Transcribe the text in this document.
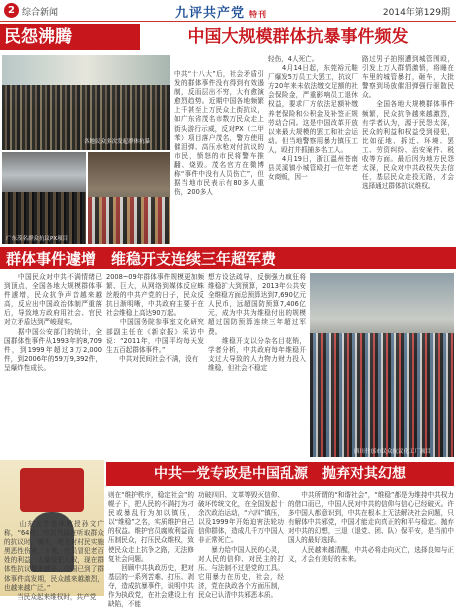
2 综合新闻	九评共产党 特刊	2014年第129期
民怨沸腾	中国大规模群体抗暴事件频发
各地民众多次发起群体抗暴
广东茂名群众抗议PX项目
中共“十八大”后，社会矛盾引发的群体事件没有得到有效遏制，反而层出不穷，大有愈演愈烈趋势。近期中国各地频繁上千甚至上万民众上街抗议，如广东省茂名市数万民众走上街头游行示威，反对PX（二甲苯）项目落户茂名，警方使用催泪弹、高压水枪对付抗议的市民，愤怒的市民将警车推翻、烧毁。茂名官方在微博称“事件中没有人员伤亡”，但据当地市民表示有80多人重伤，200多人
轻伤，4人死亡。
　　4月14日起，东莞裕元鞋厂爆发5万员工大罢工，抗议厂方20年来未依法缴交足额的社会保险金，严重影响员工退休权益，要求厂方依法足额补缴养老保险和公积金及补签正规劳动合同。这是中国改革开放以来最大规模的罢工和社会运动。但当地警察用暴力镇压工人，殴打并抓捕多名工人。
　　4月19日，浙江温州苍南县灵溪镇小城管殴打一位年老女商贩，因一
路过男子拍照遭到城管围殴，引发上万人群情激愤，将睡在车里的城管暴打，砸车，大批警察到场放催泪弹强行驱散民众。
　　全国各地大规模群体事件频繁，民众抗争越来越激烈，有学者认为，源于民怨太深，民众的利益和权益受到侵犯，比如征地、拆迁、环境、罢工、劳资纠纷、治安案件、税收等方面。最后因为地方民怨太深，民众对中共政权失去信任，基层民众走投无路，才会选择通过群体抗议维权。
群体事件遽增　维稳开支连续三年超军费
　　中国民众对中共不满情绪已到顶点，全国各地大规模群体事件遽增，民众抗争声音越来越高，反应出中国政治体制严重落后，导致地方政府用社会、官民对立矛盾达到严峻现实。
　　据中国公安部门的统计，全国群体性事件从1993年的8,709件，到1999年超过3万2,000件，到2006年的59万9,392件，呈爆炸性成长。
2008~09年群体事件规模更加频繁、巨大，从网络到媒体反应蛛丝般的中共产党的日子，民众反抗日渐明晰，中共政府主要于在社会维稳上高达90万起。
　　中国国务院参事室文化研究部副主任在《新京报》采访中说：“2011年，中国平均每天发生五百起群体事件。”
　　中共对民间社会不满，没有
想方设法疏导，反倒强力疯狂将维稳扩大到预算，2013年公共安全维稳方面总预算达到7,690亿元人民币，远超国防预算7,406亿元，成为中共为维稳付出的规模超过国防预算连续三年超过军费。
　　维稳开支以分杂名目花销，学者分析，中共政府每年维稳开支过大导致的人力物力财力投入维稳，但社会不稳定
四川什邡市民众抗议化工厂项目
中共一党专政是中国乱源　抛弃对其幻想
　　山东大学退休教授孙文广称，“64年，中共当局在听取群众的抗议时，镇压，地方对村民实施黑恶性伤害，下来，官员冒犯老百姓的利益，大量侵犯人权，现在群体性抗议越来越多。中国已到了群体事件高发期，民众越来越激烈，也越来越广泛。”
　　当民众起来维权时，共产党
则在“维护秩序，稳定社会”的幌子下，把人民的不满打为刁民或暴乱行为加以镇压，以“维稳”之名，实质维护自己的权益。维护官员腐败利益而压制民众，打压民众维权，致使民众走上抗争之路，无法修复社会问题。
　　回顾中共执政历史，把对基层的一系列苦难、打压、剥夺，造成抗暴事件，说明中共作为执政党，在社会建设上有缺陷，不能
功破四旧、文革等毁灭信仰、破坏传统文化，在全国发起十余次政治运动，“六四”镇压，以及1999年开始迫害法轮功信仰群体，造成几千万中国人非正常死亡。
　　暴力给中国人民的心灵，对人民的信仰、对民主的打压、与法制不过是党的工具。它用暴力在历史，社会，经济，党在执政各个方面压制，民众已认清中共邪恶本质。
　　中共所谓的“和谐社会”，“维稳”都是为维持中共权力的借口而已，中国人民对中共的信仰与信心已经破灭。许多中国人都意识到，中共在根本上无法解决社会问题，只有解体中共邪党，中国才能走向真正的和平与稳定。抛弃对中共的幻想，三退（退党、团、队）保平安，是当前中国人的最好选择。
　　人民越来越清醒，中共必将走向灭亡，选择良知与正义，才会有美好的未来。
